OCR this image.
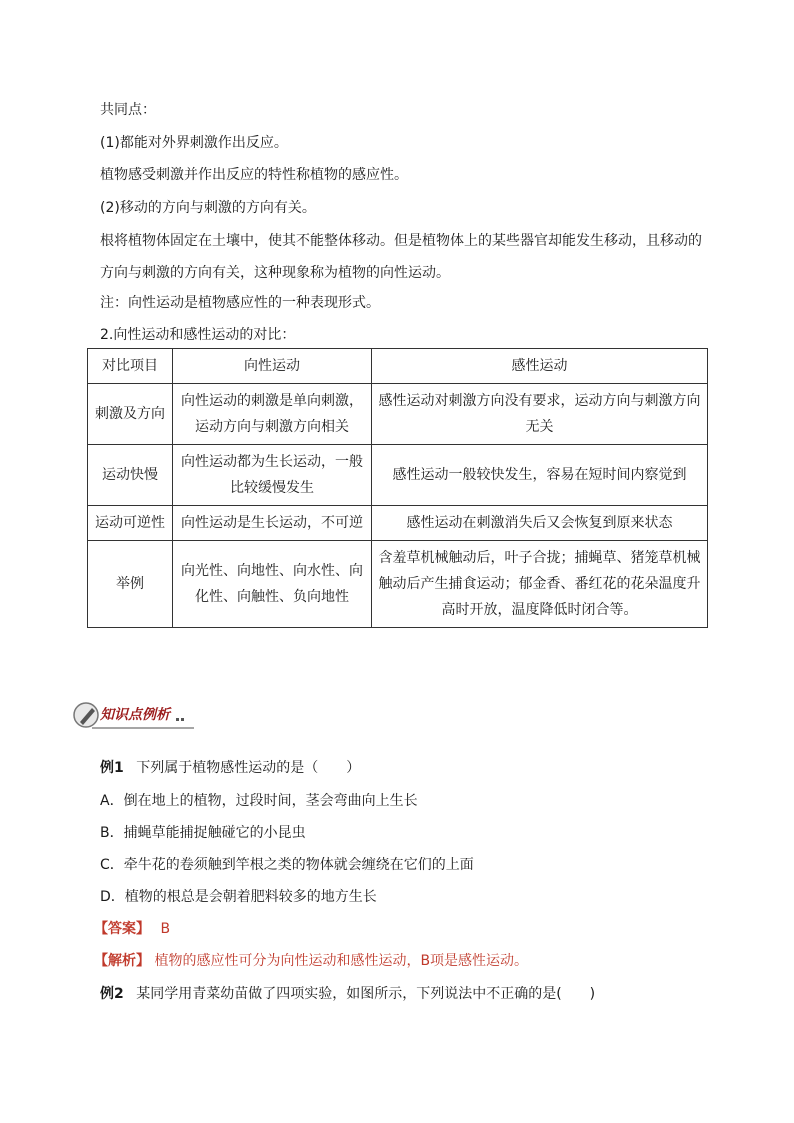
共同点：
(1)都能对外界刺激作出反应。
植物感受刺激并作出反应的特性称植物的感应性。
(2)移动的方向与刺激的方向有关。
根将植物体固定在土壤中，使其不能整体移动。但是植物体上的某些器官却能发生移动，且移动的方向与刺激的方向有关，这种现象称为植物的向性运动。
注：向性运动是植物感应性的一种表现形式。
2.向性运动和感性运动的对比：
对比项目	向性运动	感性运动
刺激及方向	向性运动的刺激是单向刺激，运动方向与刺激方向相关	感性运动对刺激方向没有要求，运动方向与刺激方向无关
运动快慢	向性运动都为生长运动，一般比较缓慢发生	感性运动一般较快发生，容易在短时间内察觉到
运动可逆性	向性运动是生长运动，不可逆	感性运动在刺激消失后又会恢复到原来状态
举例	向光性、向地性、向水性、向化性、向触性、负向地性	含羞草机械触动后，叶子合拢；捕蝇草、猪笼草机械触动后产生捕食运动；郁金香、番红花的花朵温度升高时开放，温度降低时闭合等。
知识点例析
例1 下列属于植物感性运动的是（　　）
A．倒在地上的植物，过段时间，茎会弯曲向上生长
B．捕蝇草能捕捉触碰它的小昆虫
C．牵牛花的卷须触到竿根之类的物体就会缠绕在它们的上面
D．植物的根总是会朝着肥料较多的地方生长
【答案】 B
【解析】 植物的感应性可分为向性运动和感性运动，B项是感性运动。
例2 某同学用青菜幼苗做了四项实验，如图所示，下列说法中不正确的是(　　)
